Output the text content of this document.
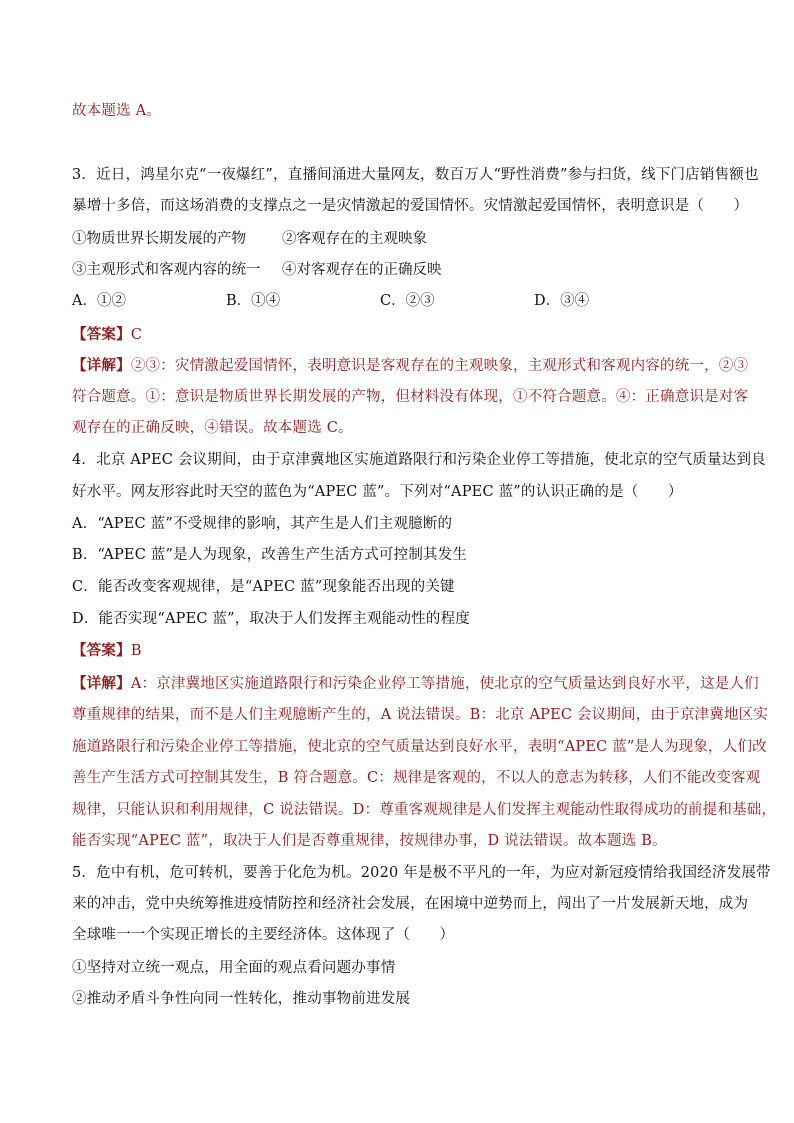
故本题选 A。
3．近日，鸿星尔克“一夜爆红”，直播间涌进大量网友，数百万人“野性消费”参与扫货，线下门店销售额也
暴增十多倍，而这场消费的支撑点之一是灾情激起的爱国情怀。灾情激起爱国情怀，表明意识是（　　）
①物质世界长期发展的产物 ②客观存在的主观映象
③主观形式和客观内容的统一 ④对客观存在的正确反映
A．①②	B．①④	C．②③	D．③④
【答案】C
【详解】②③：灾情激起爱国情怀，表明意识是客观存在的主观映象，主观形式和客观内容的统一，②③
符合题意。①：意识是物质世界长期发展的产物，但材料没有体现，①不符合题意。④：正确意识是对客
观存在的正确反映，④错误。故本题选 C。
4．北京 APEC 会议期间，由于京津冀地区实施道路限行和污染企业停工等措施，使北京的空气质量达到良
好水平。网友形容此时天空的蓝色为“APEC 蓝”。下列对“APEC 蓝”的认识正确的是（　　）
A．“APEC 蓝”不受规律的影响，其产生是人们主观臆断的
B．“APEC 蓝”是人为现象，改善生产生活方式可控制其发生
C．能否改变客观规律，是“APEC 蓝”现象能否出现的关键
D．能否实现“APEC 蓝”，取决于人们发挥主观能动性的程度
【答案】B
【详解】A：京津冀地区实施道路限行和污染企业停工等措施，使北京的空气质量达到良好水平，这是人们
尊重规律的结果，而不是人们主观臆断产生的，A 说法错误。B：北京 APEC 会议期间，由于京津冀地区实
施道路限行和污染企业停工等措施，使北京的空气质量达到良好水平，表明“APEC 蓝”是人为现象，人们改
善生产生活方式可控制其发生，B 符合题意。C：规律是客观的，不以人的意志为转移，人们不能改变客观
规律，只能认识和利用规律，C 说法错误。D：尊重客观规律是人们发挥主观能动性取得成功的前提和基础，
能否实现“APEC 蓝”，取决于人们是否尊重规律，按规律办事，D 说法错误。故本题选 B。
5．危中有机，危可转机，要善于化危为机。2020 年是极不平凡的一年，为应对新冠疫情给我国经济发展带
来的冲击，党中央统筹推进疫情防控和经济社会发展，在困境中逆势而上，闯出了一片发展新天地，成为
全球唯一一个实现正增长的主要经济体。这体现了（　　）
①坚持对立统一观点，用全面的观点看问题办事情
②推动矛盾斗争性向同一性转化，推动事物前进发展
